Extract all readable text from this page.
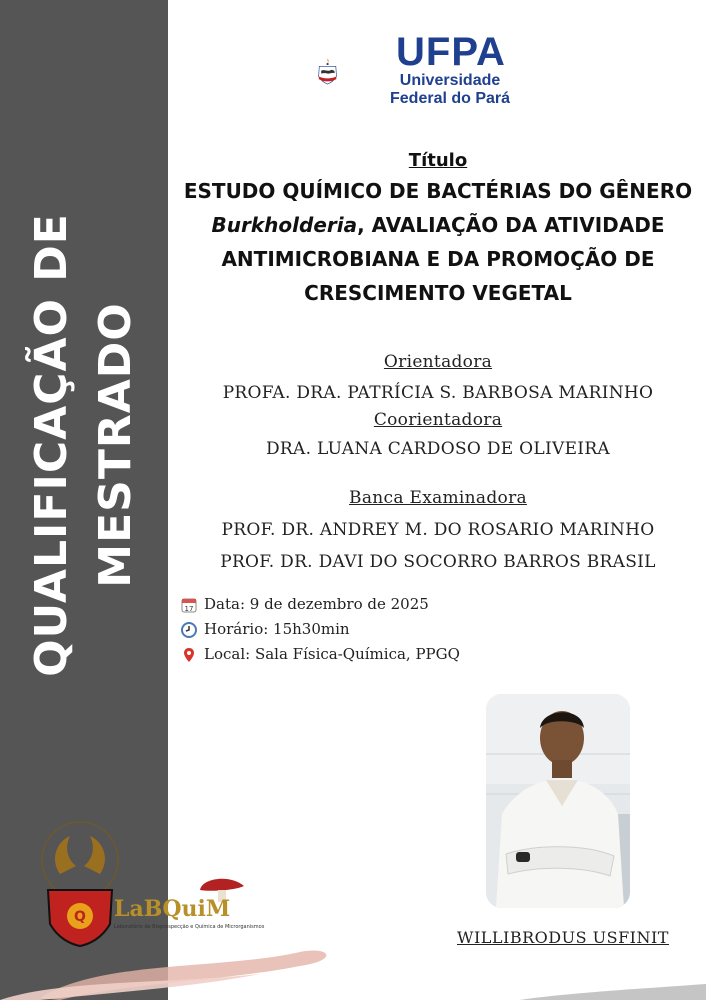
QUALIFICAÇÃO DE MESTRADO
UFPA
Universidade
Federal do Pará
Título
ESTUDO QUÍMICO DE BACTÉRIAS DO GÊNERO
Burkholderia, AVALIAÇÃO DA ATIVIDADE
ANTIMICROBIANA E DA PROMOÇÃO DE
CRESCIMENTO VEGETAL
Orientadora
PROFA. DRA. PATRÍCIA S. BARBOSA MARINHO
Coorientadora
DRA. LUANA CARDOSO DE OLIVEIRA
Banca Examinadora
PROF. DR. ANDREY M. DO ROSARIO MARINHO
PROF. DR. DAVI DO SOCORRO BARROS BRASIL
17 Data: 9 de dezembro de 2025
Horário: 15h30min
Local: Sala Física-Química, PPGQ
WILLIBRODUS USFINIT
Q LaBQuiM
Laboratório de Bioprospecção e Química de Microrganismos
